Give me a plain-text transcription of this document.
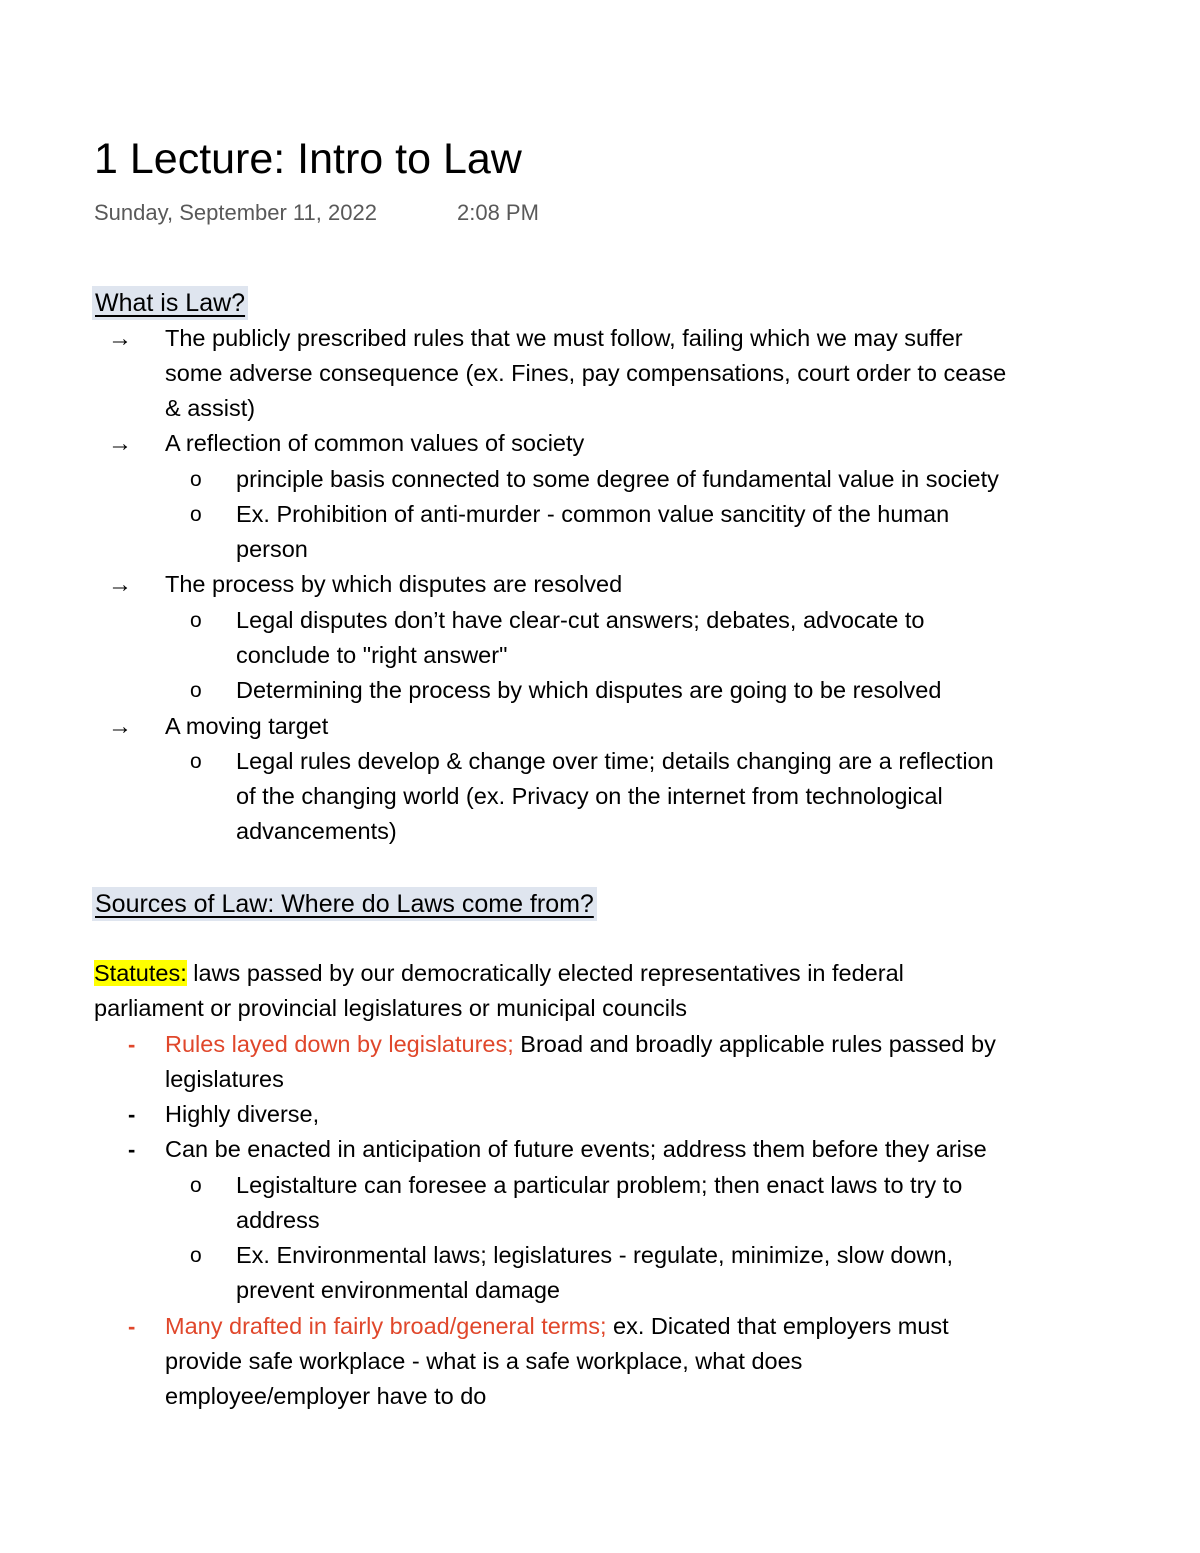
1 Lecture: Intro to Law
Sunday, September 11, 2022	2:08 PM
What is Law?
→ The publicly prescribed rules that we must follow, failing which we may suffer
some adverse consequence (ex. Fines, pay compensations, court order to cease
& assist)
→ A reflection of common values of society
o principle basis connected to some degree of fundamental value in society
o Ex. Prohibition of anti-murder - common value sancitity of the human
person
→ The process by which disputes are resolved
o Legal disputes don’t have clear-cut answers; debates, advocate to
conclude to "right answer"
o Determining the process by which disputes are going to be resolved
→ A moving target
o Legal rules develop & change over time; details changing are a reflection
of the changing world (ex. Privacy on the internet from technological
advancements)
Sources of Law: Where do Laws come from?
Statutes: laws passed by our democratically elected representatives in federal
parliament or provincial legislatures or municipal councils
- Rules layed down by legislatures; Broad and broadly applicable rules passed by
legislatures
- Highly diverse,
- Can be enacted in anticipation of future events; address them before they arise
o Legistalture can foresee a particular problem; then enact laws to try to
address
o Ex. Environmental laws; legislatures - regulate, minimize, slow down,
prevent environmental damage
- Many drafted in fairly broad/general terms; ex. Dicated that employers must
provide safe workplace - what is a safe workplace, what does
employee/employer have to do
